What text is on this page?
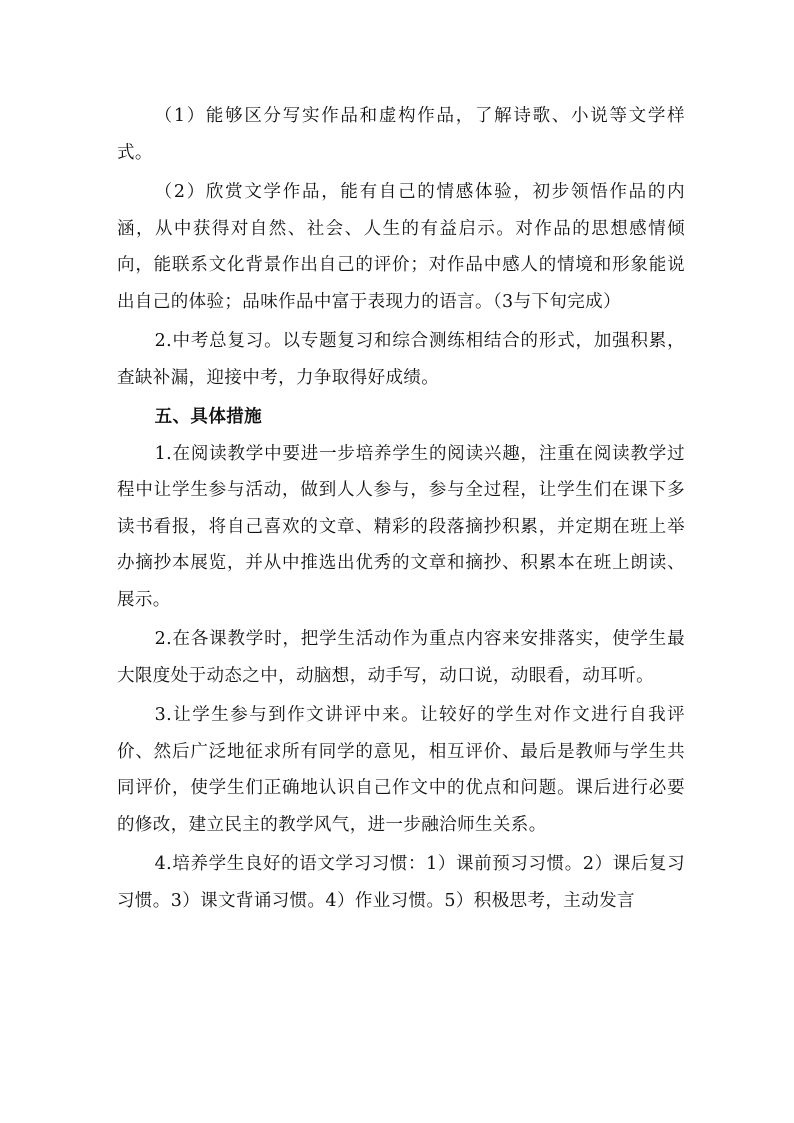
（1）能够区分写实作品和虚构作品，了解诗歌、小说等文学样式。

（2）欣赏文学作品，能有自己的情感体验，初步领悟作品的内涵，从中获得对自然、社会、人生的有益启示。对作品的思想感情倾向，能联系文化背景作出自己的评价；对作品中感人的情境和形象能说出自己的体验；品味作品中富于表现力的语言。（3与下旬完成）

2.中考总复习。以专题复习和综合测练相结合的形式，加强积累，查缺补漏，迎接中考，力争取得好成绩。

五、具体措施

1.在阅读教学中要进一步培养学生的阅读兴趣，注重在阅读教学过程中让学生参与活动，做到人人参与，参与全过程，让学生们在课下多读书看报，将自己喜欢的文章、精彩的段落摘抄积累，并定期在班上举办摘抄本展览，并从中推选出优秀的文章和摘抄、积累本在班上朗读、展示。

2.在各课教学时，把学生活动作为重点内容来安排落实，使学生最大限度处于动态之中，动脑想，动手写，动口说，动眼看，动耳听。

3.让学生参与到作文讲评中来。让较好的学生对作文进行自我评价、然后广泛地征求所有同学的意见，相互评价、最后是教师与学生共同评价，使学生们正确地认识自己作文中的优点和问题。课后进行必要的修改，建立民主的教学风气，进一步融洽师生关系。

4.培养学生良好的语文学习习惯：1）课前预习习惯。2）课后复习习惯。3）课文背诵习惯。4）作业习惯。5）积极思考，主动发言
